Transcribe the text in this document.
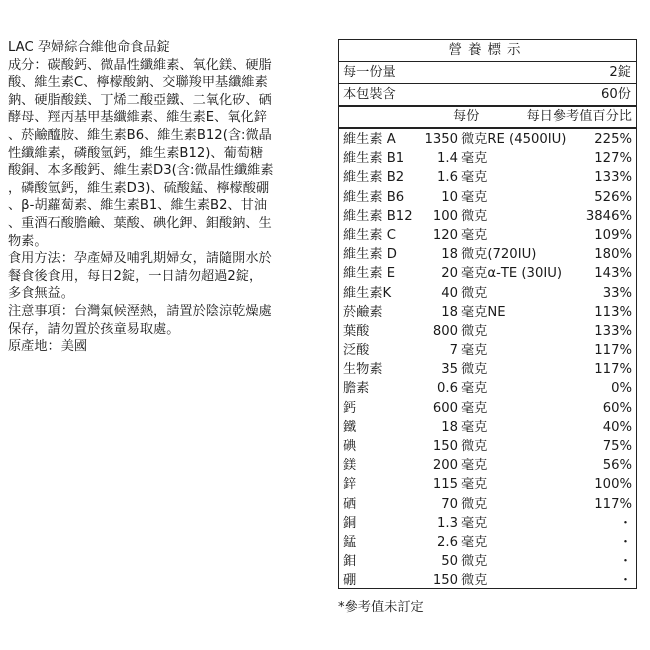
LAC 孕婦綜合維他命食品錠

成分：碳酸鈣、微晶性纖維素、氧化鎂、硬脂

酸、維生素C、檸檬酸鈉、交聯羧甲基纖維素

鈉、硬脂酸鎂、丁烯二酸亞鐵、二氧化矽、硒

酵母、羥丙基甲基纖維素、維生素E、氧化鋅

、菸鹼醯胺、維生素B6、維生素B12(含:微晶

性纖維素，磷酸氫鈣，維生素B12)、葡萄糖

酸銅、本多酸鈣、維生素D3(含:微晶性纖維素

，磷酸氫鈣，維生素D3)、硫酸錳、檸檬酸硼

、β-胡蘿蔔素、維生素B1、維生素B2、甘油

、重酒石酸膽鹼、葉酸、碘化鉀、鉬酸鈉、生

物素。

食用方法：孕產婦及哺乳期婦女，請隨開水於

餐食後食用，每日2錠，一日請勿超過2錠，

多食無益。

注意事項：台灣氣候溼熱，請置於陰涼乾燥處

保存，請勿置於孩童易取處。

原產地：美國

營養標示
每一份量	2錠
本包裝含	60份
每份	每日參考值百分比
維生素 A 1350 微克RE (4500IU) 225%
維生素 B1 1.4 毫克	127%
維生素 B2 1.6 毫克	133%
維生素 B6	10 毫克	526%
維生素 B12 100 微克	3846%
維生素 C	120 毫克	109%
維生素 D	18 微克(720IU)	180%
維生素 E	20 毫克α-TE (30IU) 143%
維生素K	40 微克	33%
菸鹼素	18 毫克NE	113%
葉酸	800 微克	133%
泛酸	7 毫克	117%
生物素	35 微克	117%
膽素	0.6 毫克	0%
鈣	600 毫克	60%
鐵	18 毫克	40%
碘	150 微克	75%
鎂	200 毫克	56%
鋅	115 毫克	100%
硒	70 微克	117%
銅	1.3 毫克	・
錳	2.6 毫克	・
鉬	50 微克	・
硼	150 微克	・
*參考值未訂定
